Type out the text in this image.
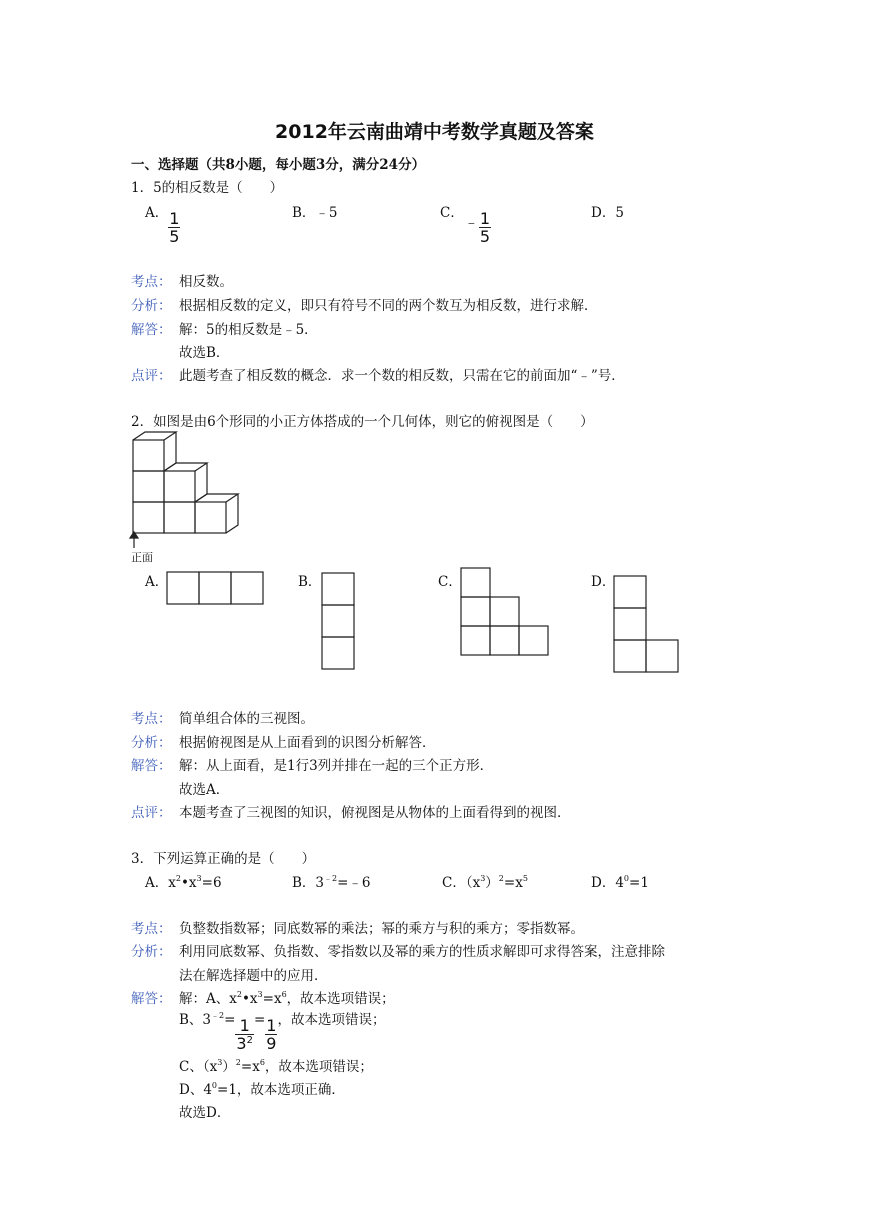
2012年云南曲靖中考数学真题及答案
一、选择题（共8小题，每小题3分，满分24分）
1．5的相反数是（　　）
A． $\frac{1}{5}$	B．﹣5	C．﹣ $\frac{1}{5}$	D．5
考点： 相反数。
分析： 根据相反数的定义，即只有符号不同的两个数互为相反数，进行求解．
解答： 解：5的相反数是﹣5．
故选B．
点评： 此题考查了相反数的概念．求一个数的相反数，只需在它的前面加“﹣”号．
2．如图是由6个形同的小正方体搭成的一个几何体，则它的俯视图是（　　）
正面
A．	B．	C．	D．
考点： 简单组合体的三视图。
分析： 根据俯视图是从上面看到的识图分析解答．
解答： 解：从上面看，是1行3列并排在一起的三个正方形．
故选A．
点评： 本题考查了三视图的知识，俯视图是从物体的上面看得到的视图．
3．下列运算正确的是（　　）
A．$x^2•x^3=6$	B．$3^{﹣2}=﹣6$	C．$(x^3)^2=x^5$	D．$4^0=1$
考点： 负整数指数幂；同底数幂的乘法；幂的乘方与积的乘方；零指数幂。
分析： 利用同底数幂、负指数、零指数以及幂的乘方的性质求解即可求得答案，注意排除
法在解选择题中的应用．
解答： 解：A、$x^2•x^3=x^6$，故本选项错误；
B、$3^{﹣2}= \frac{1}{3^2} = \frac{1}{9}$ ，故本选项错误；
C、$(x^3)^2=x^6$，故本选项错误；
D、$4^0=1$，故本选项正确．
故选D．
